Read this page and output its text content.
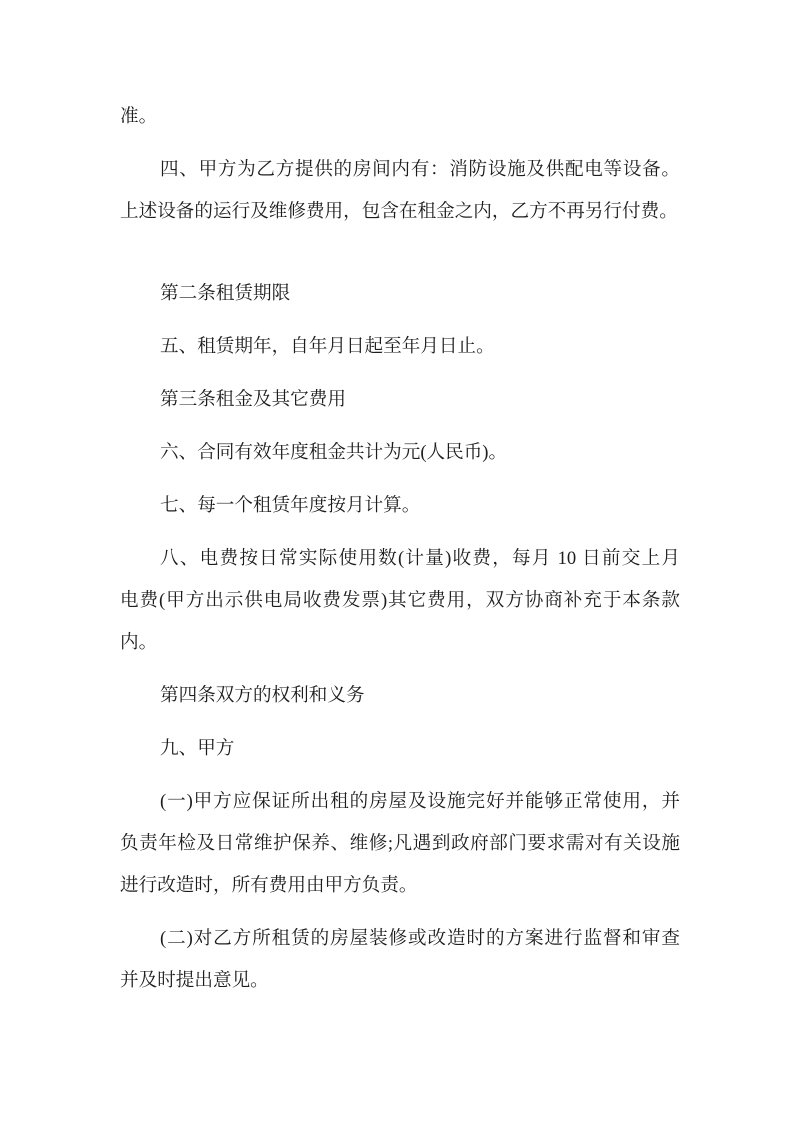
准。
四、甲方为乙方提供的房间内有：消防设施及供配电等设备。
上述设备的运行及维修费用，包含在租金之内，乙方不再另行付费。
第二条租赁期限
五、租赁期年，自年月日起至年月日止。
第三条租金及其它费用
六、合同有效年度租金共计为元(人民币)。
七、每一个租赁年度按月计算。
八、电费按日常实际使用数(计量)收费，每月 10 日前交上月
电费(甲方出示供电局收费发票)其它费用，双方协商补充于本条款
内。
第四条双方的权利和义务
九、甲方
(一)甲方应保证所出租的房屋及设施完好并能够正常使用，并
负责年检及日常维护保养、维修;凡遇到政府部门要求需对有关设施
进行改造时，所有费用由甲方负责。
(二)对乙方所租赁的房屋装修或改造时的方案进行监督和审查
并及时提出意见。
